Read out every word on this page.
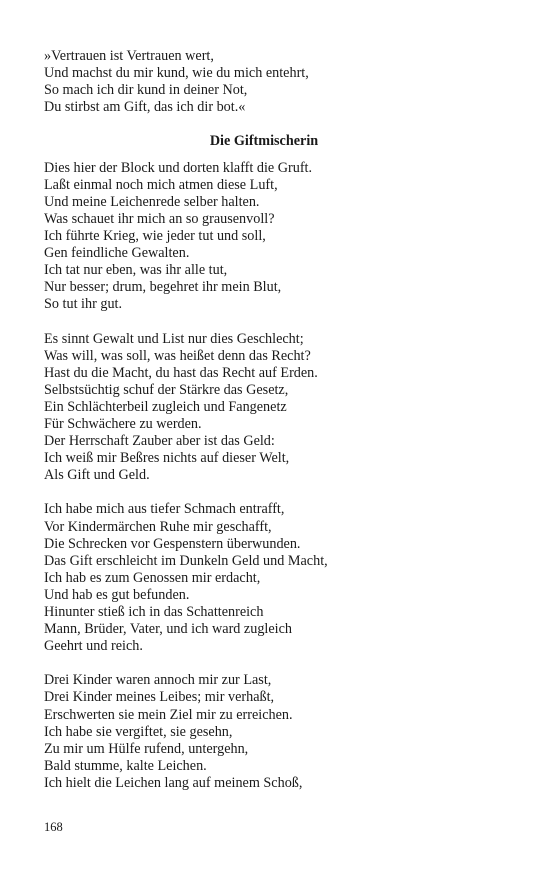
»Vertrauen ist Vertrauen wert,
Und machst du mir kund, wie du mich entehrt,
So mach ich dir kund in deiner Not,
Du stirbst am Gift, das ich dir bot.«
Die Giftmischerin
Dies hier der Block und dorten klafft die Gruft.
Laßt einmal noch mich atmen diese Luft,
Und meine Leichenrede selber halten.
Was schauet ihr mich an so grausenvoll?
Ich führte Krieg, wie jeder tut und soll,
Gen feindliche Gewalten.
Ich tat nur eben, was ihr alle tut,
Nur besser; drum, begehret ihr mein Blut,
So tut ihr gut.
Es sinnt Gewalt und List nur dies Geschlecht;
Was will, was soll, was heißet denn das Recht?
Hast du die Macht, du hast das Recht auf Erden.
Selbstsüchtig schuf der Stärkre das Gesetz,
Ein Schlächterbeil zugleich und Fangenetz
Für Schwächere zu werden.
Der Herrschaft Zauber aber ist das Geld:
Ich weiß mir Beßres nichts auf dieser Welt,
Als Gift und Geld.
Ich habe mich aus tiefer Schmach entrafft,
Vor Kindermärchen Ruhe mir geschafft,
Die Schrecken vor Gespenstern überwunden.
Das Gift erschleicht im Dunkeln Geld und Macht,
Ich hab es zum Genossen mir erdacht,
Und hab es gut befunden.
Hinunter stieß ich in das Schattenreich
Mann, Brüder, Vater, und ich ward zugleich
Geehrt und reich.
Drei Kinder waren annoch mir zur Last,
Drei Kinder meines Leibes; mir verhaßt,
Erschwerten sie mein Ziel mir zu erreichen.
Ich habe sie vergiftet, sie gesehn,
Zu mir um Hülfe rufend, untergehn,
Bald stumme, kalte Leichen.
Ich hielt die Leichen lang auf meinem Schoß,
168
